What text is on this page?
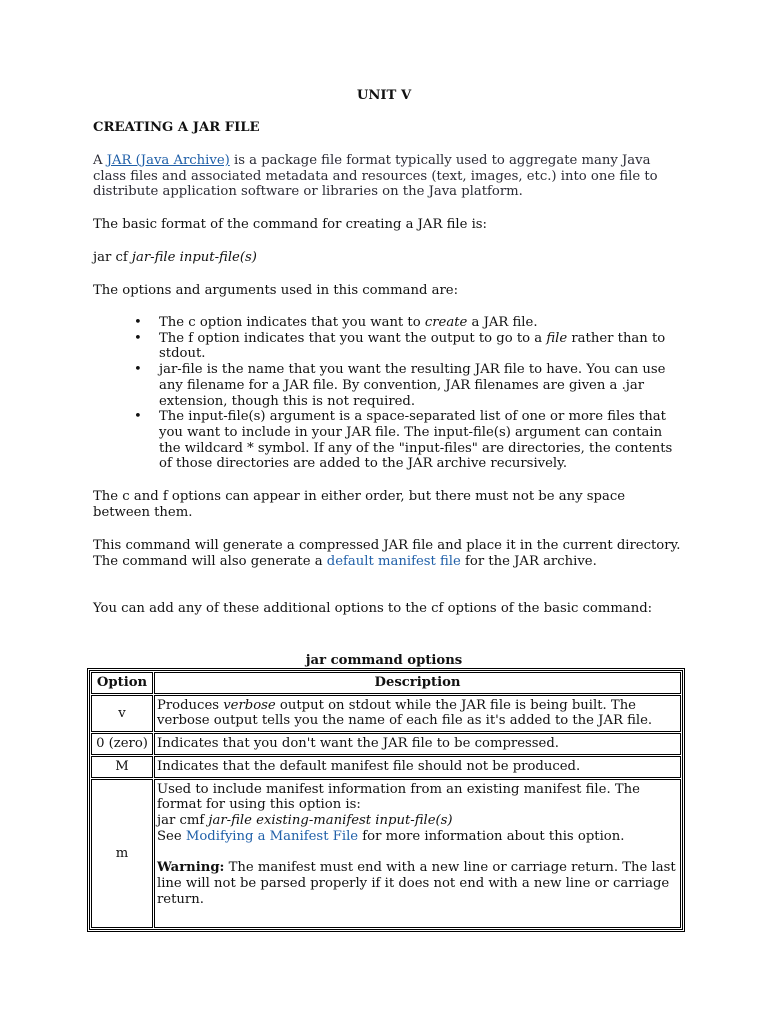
UNIT V
CREATING A JAR FILE

A JAR (Java Archive) is a package file format typically used to aggregate many Java class files and associated metadata and resources (text, images, etc.) into one file to distribute application software or libraries on the Java platform.

The basic format of the command for creating a JAR file is:

jar cf jar-file input-file(s)

The options and arguments used in this command are:

• The c option indicates that you want to create a JAR file.
• The f option indicates that you want the output to go to a file rather than to stdout.
• jar-file is the name that you want the resulting JAR file to have. You can use any filename for a JAR file. By convention, JAR filenames are given a .jar extension, though this is not required.
• The input-file(s) argument is a space-separated list of one or more files that you want to include in your JAR file. The input-file(s) argument can contain the wildcard * symbol. If any of the "input-files" are directories, the contents of those directories are added to the JAR archive recursively.

The c and f options can appear in either order, but there must not be any space between them.

This command will generate a compressed JAR file and place it in the current directory. The command will also generate a default manifest file for the JAR archive.

You can add any of these additional options to the cf options of the basic command:

jar command options
Option	Description
v	Produces verbose output on stdout while the JAR file is being built. The verbose output tells you the name of each file as it's added to the JAR file.
0 (zero)	Indicates that you don't want the JAR file to be compressed.
M	Indicates that the default manifest file should not be produced.
m	Used to include manifest information from an existing manifest file. The format for using this option is:
jar cmf jar-file existing-manifest input-file(s)
See Modifying a Manifest File for more information about this option.
Warning: The manifest must end with a new line or carriage return. The last line will not be parsed properly if it does not end with a new line or carriage return.
